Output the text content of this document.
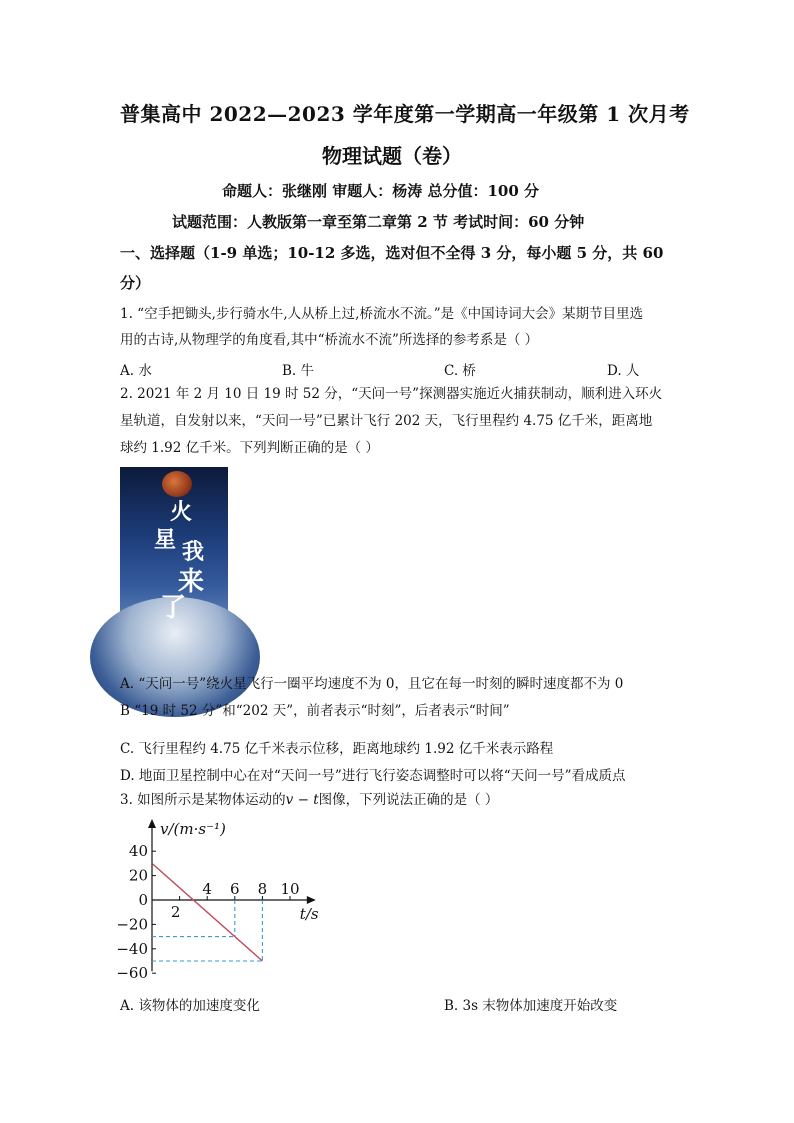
普集高中 2022—2023 学年度第一学期高一年级第 1 次月考
物理试题（卷）
命题人：张继刚 审题人：杨涛 总分值：100 分
试题范围：人教版第一章至第二章第 2 节 考试时间：60 分钟
一、选择题（1-9 单选；10-12 多选，选对但不全得 3 分，每小题 5 分，共 60
分）
1. “空手把锄头,步行骑水牛,人从桥上过,桥流水不流。”是《中国诗词大会》某期节目里选
用的古诗,从物理学的角度看,其中“桥流水不流”所选择的参考系是（ ）
A. 水	B. 牛	C. 桥	D. 人
2. 2021 年 2 月 10 日 19 时 52 分，“天问一号”探测器实施近火捕获制动，顺利进入环火
星轨道，自发射以来，“天问一号”已累计飞行 202 天，飞行里程约 4.75 亿千米，距离地
球约 1.92 亿千米。下列判断正确的是（ ）
火
星 我
来
了
A. “天问一号”绕火星飞行一圈平均速度不为 0，且它在每一时刻的瞬时速度都不为 0
B “19 时 52 分”和“202 天”，前者表示“时刻”，后者表示“时间”
C. 飞行里程约 4.75 亿千米表示位移，距离地球约 1.92 亿千米表示路程
D. 地面卫星控制中心在对“天问一号”进行飞行姿态调整时可以将“天问一号”看成质点
3. 如图所示是某物体运动的v − t图像，下列说法正确的是（ ）
40
20
0
−20
−40
−60
4 6 8 10
2
v/(m·s⁻¹)
t/s
A. 该物体的加速度变化	B. 3s 末物体加速度开始改变
